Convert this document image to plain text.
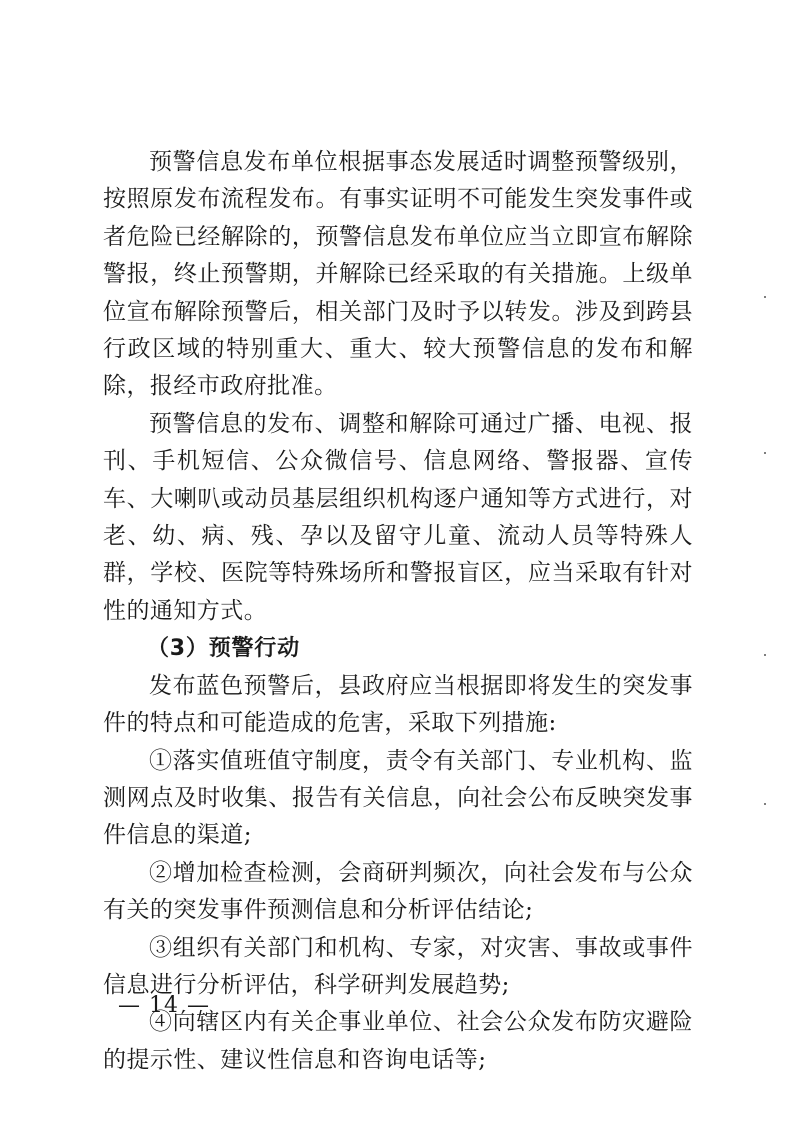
预警信息发布单位根据事态发展适时调整预警级别，按照原发布流程发布。有事实证明不可能发生突发事件或者危险已经解除的，预警信息发布单位应当立即宣布解除警报，终止预警期，并解除已经采取的有关措施。上级单位宣布解除预警后，相关部门及时予以转发。涉及到跨县行政区域的特别重大、重大、较大预警信息的发布和解除，报经市政府批准。

预警信息的发布、调整和解除可通过广播、电视、报刊、手机短信、公众微信号、信息网络、警报器、宣传车、大喇叭或动员基层组织机构逐户通知等方式进行，对老、幼、病、残、孕以及留守儿童、流动人员等特殊人群，学校、医院等特殊场所和警报盲区，应当采取有针对性的通知方式。

（3）预警行动

发布蓝色预警后，县政府应当根据即将发生的突发事件的特点和可能造成的危害，采取下列措施:

①落实值班值守制度，责令有关部门、专业机构、监测网点及时收集、报告有关信息，向社会公布反映突发事件信息的渠道;

②增加检查检测，会商研判频次，向社会发布与公众有关的突发事件预测信息和分析评估结论;

③组织有关部门和机构、专家，对灾害、事故或事件信息进行分析评估，科学研判发展趋势;

④向辖区内有关企事业单位、社会公众发布防灾避险的提示性、建议性信息和咨询电话等;

— 14 —
